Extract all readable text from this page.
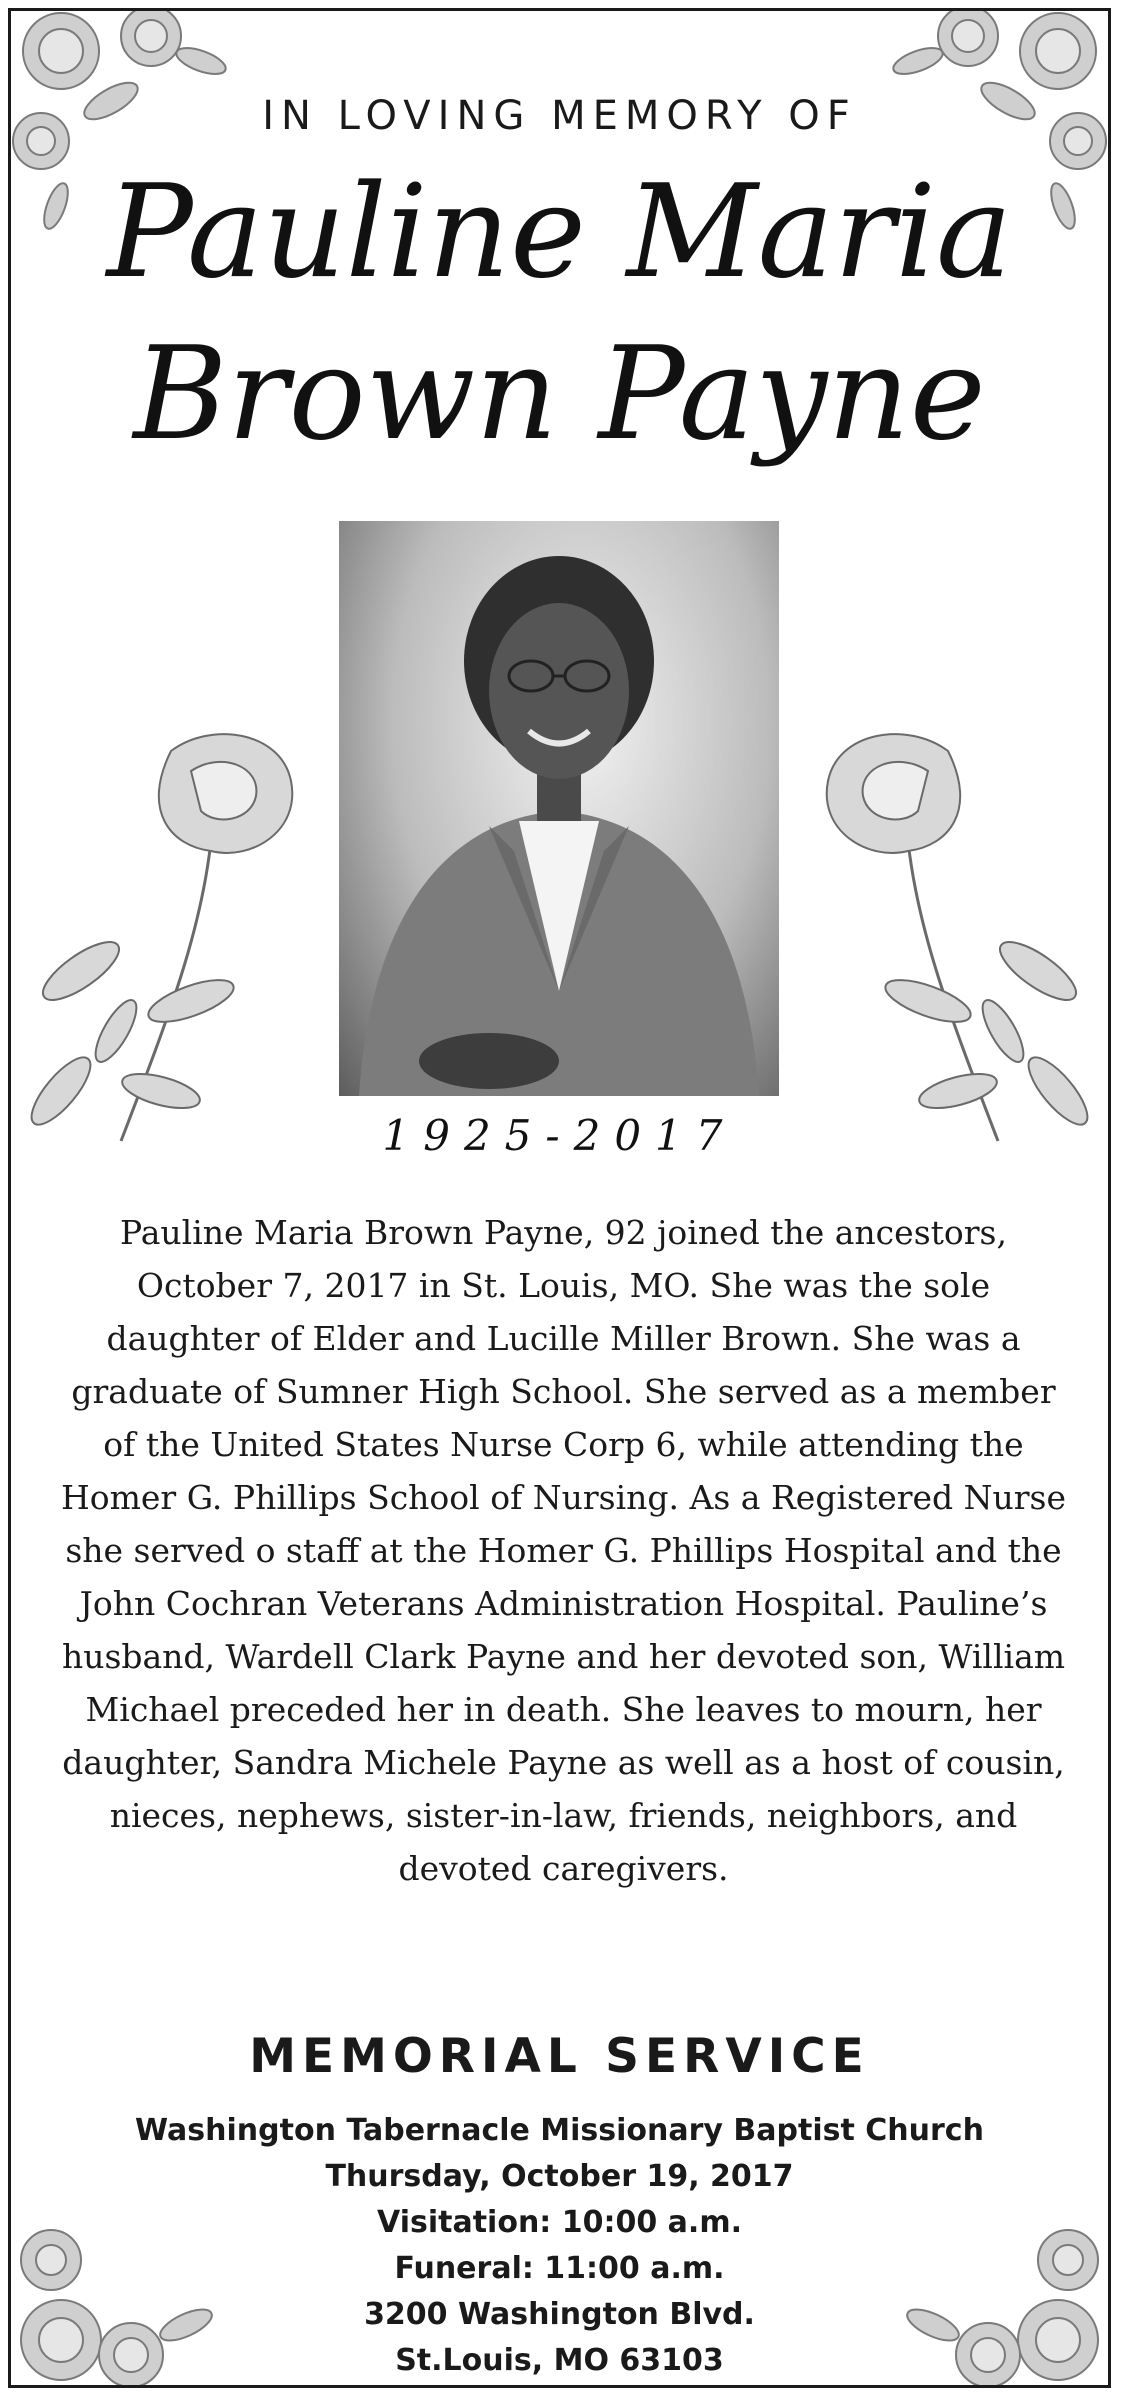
IN LOVING MEMORY OF
Pauline Maria
Brown Payne
1925-2017

Pauline Maria Brown Payne, 92 joined the ancestors, October 7, 2017 in St. Louis, MO. She was the sole daughter of Elder and Lucille Miller Brown. She was a graduate of Sumner High School. She served as a member of the United States Nurse Corp 6, while attending the Homer G. Phillips School of Nursing. As a Registered Nurse she served o staff at the Homer G. Phillips Hospital and the John Cochran Veterans Administration Hospital. Pauline’s husband, Wardell Clark Payne and her devoted son, William Michael preceded her in death. She leaves to mourn, her daughter, Sandra Michele Payne as well as a host of cousin, nieces, nephews, sister-in-law, friends, neighbors, and devoted caregivers.

MEMORIAL SERVICE
Washington Tabernacle Missionary Baptist Church
Thursday, October 19, 2017
Visitation: 10:00 a.m.
Funeral: 11:00 a.m.
3200 Washington Blvd.
St.Louis, MO 63103
